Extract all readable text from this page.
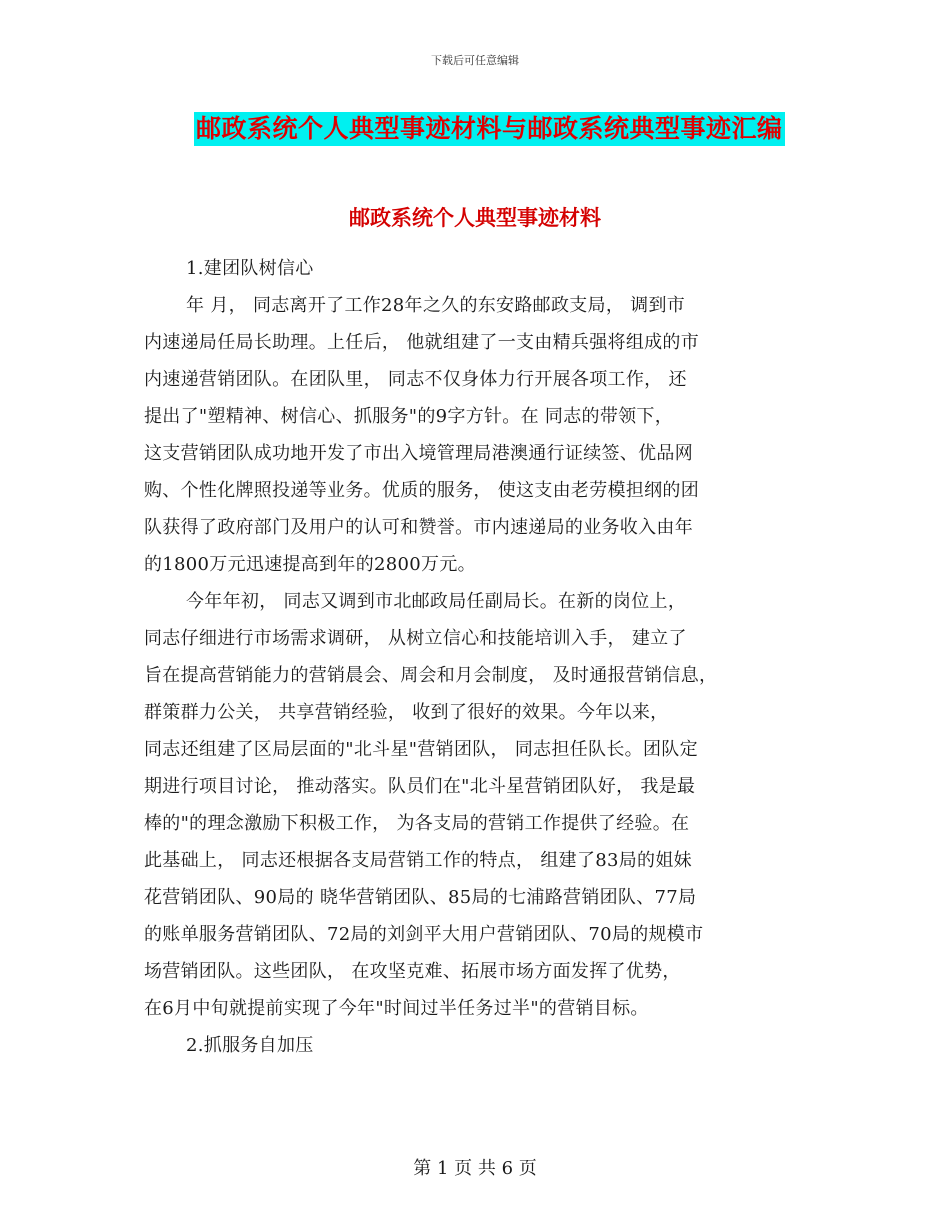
下载后可任意编辑
邮政系统个人典型事迹材料与邮政系统典型事迹汇编
邮政系统个人典型事迹材料
1.建团队树信心
年 月， 同志离开了工作28年之久的东安路邮政支局， 调到市
内速递局任局长助理。上任后， 他就组建了一支由精兵强将组成的市
内速递营销团队。在团队里， 同志不仅身体力行开展各项工作， 还
提出了"塑精神、树信心、抓服务"的9字方针。在 同志的带领下，
这支营销团队成功地开发了市出入境管理局港澳通行证续签、优品网
购、个性化牌照投递等业务。优质的服务， 使这支由老劳模担纲的团
队获得了政府部门及用户的认可和赞誉。市内速递局的业务收入由年
的1800万元迅速提高到年的2800万元。
今年年初， 同志又调到市北邮政局任副局长。在新的岗位上，
同志仔细进行市场需求调研， 从树立信心和技能培训入手， 建立了
旨在提高营销能力的营销晨会、周会和月会制度， 及时通报营销信息，
群策群力公关， 共享营销经验， 收到了很好的效果。今年以来，
同志还组建了区局层面的"北斗星"营销团队， 同志担任队长。团队定
期进行项目讨论， 推动落实。队员们在"北斗星营销团队好， 我是最
棒的"的理念激励下积极工作， 为各支局的营销工作提供了经验。在
此基础上， 同志还根据各支局营销工作的特点， 组建了83局的姐妹
花营销团队、90局的 晓华营销团队、85局的七浦路营销团队、77局
的账单服务营销团队、72局的刘剑平大用户营销团队、70局的规模市
场营销团队。这些团队， 在攻坚克难、拓展市场方面发挥了优势，
在6月中旬就提前实现了今年"时间过半任务过半"的营销目标。
2.抓服务自加压
第 1 页 共 6 页
